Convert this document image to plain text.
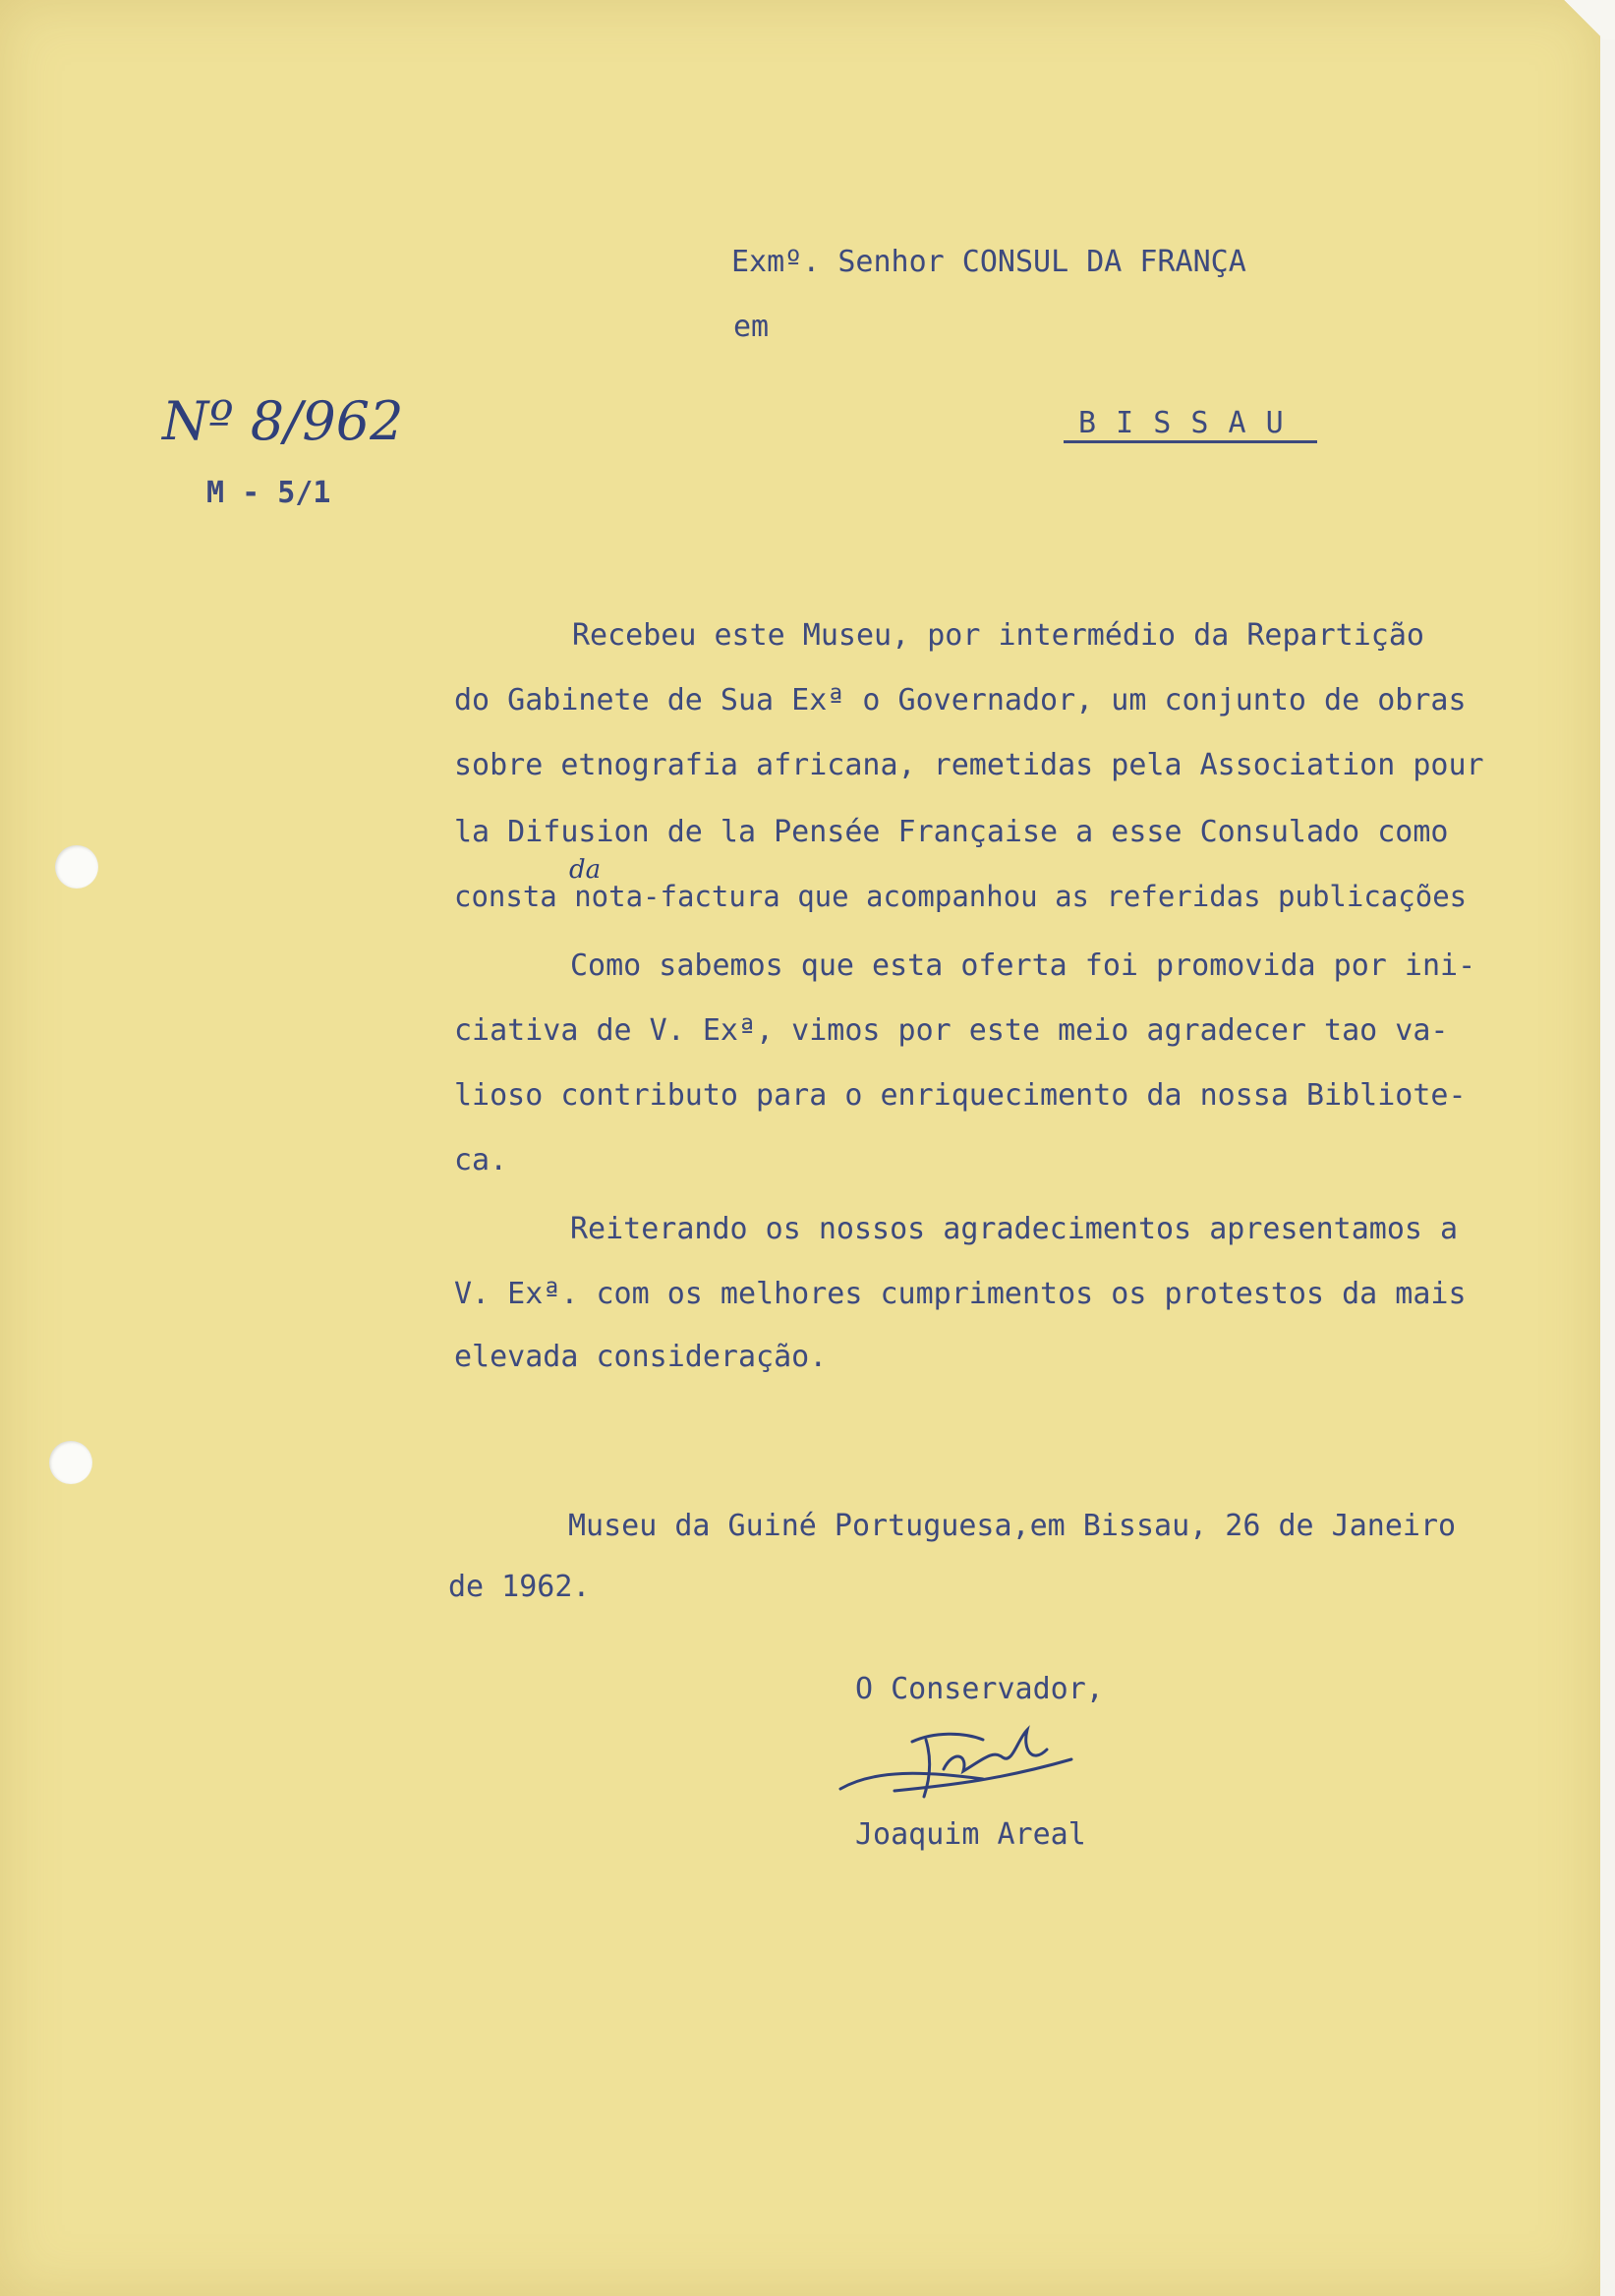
Exmº. Senhor CONSUL DA FRANÇA
em
B I S S A U
Nº 8/962
M - 5/1
Recebeu este Museu, por intermédio da Repartição
do Gabinete de Sua Exª o Governador, um conjunto de obras
sobre etnografia africana, remetidas pela Association pour
la Difusion de la Pensée Française a esse Consulado como
da
consta nota-factura que acompanhou as referidas publicações
Como sabemos que esta oferta foi promovida por ini-
ciativa de V. Exª, vimos por este meio agradecer tao va-
lioso contributo para o enriquecimento da nossa Bibliote-
ca.
Reiterando os nossos agradecimentos apresentamos a
V. Exª. com os melhores cumprimentos os protestos da mais
elevada consideração.
Museu da Guiné Portuguesa,em Bissau, 26 de Janeiro
de 1962.
O Conservador,
Joaquim Areal
